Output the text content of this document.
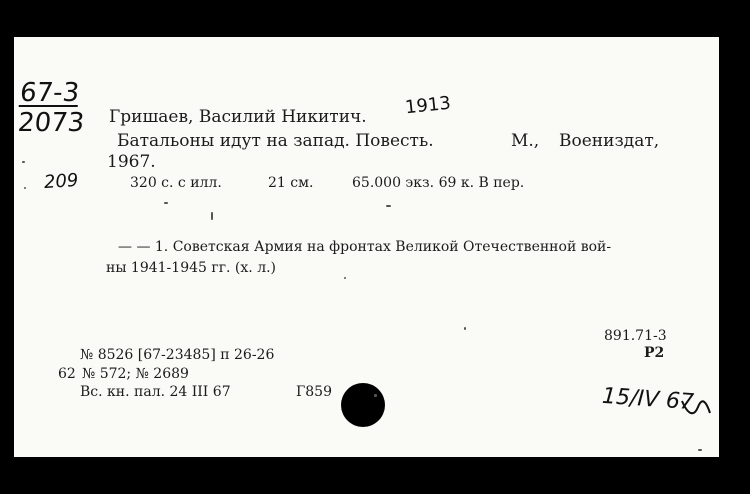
67-3
2073
1913
209
Гришаев, Василий Никитич.
Батальоны идут на запад. Повесть.	М., Воениздат,
1967.
320 с. с илл.	21 см.	65.000 экз. 69 к. В пер.
— — 1. Советская Армия на фронтах Великой Отечественной вой-
ны 1941-1945 гг. (х. л.)
891.71-3
Р2
№ 8526 [67-23485] п 26-26
62 № 572; № 2689
Вс. кн. пал. 24 III 67	Г859	15/IV 67
